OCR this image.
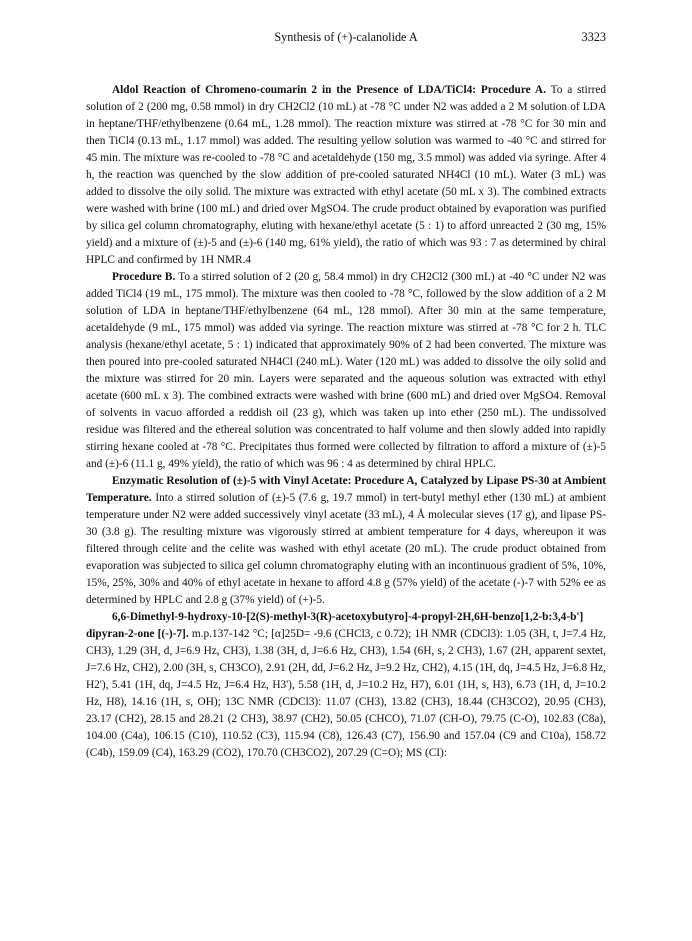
Synthesis of (+)-calanolide A	3323

Aldol Reaction of Chromeno-coumarin 2 in the Presence of LDA/TiCl4: Procedure A. To a stirred solution of 2 (200 mg, 0.58 mmol) in dry CH2Cl2 (10 mL) at -78 °C under N2 was added a 2 M solution of LDA in heptane/THF/ethylbenzene (0.64 mL, 1.28 mmol). The reaction mixture was stirred at -78 °C for 30 min and then TiCl4 (0.13 mL, 1.17 mmol) was added. The resulting yellow solution was warmed to -40 °C and stirred for 45 min. The mixture was re-cooled to -78 °C and acetaldehyde (150 mg, 3.5 mmol) was added via syringe. After 4 h, the reaction was quenched by the slow addition of pre-cooled saturated NH4Cl (10 mL). Water (3 mL) was added to dissolve the oily solid. The mixture was extracted with ethyl acetate (50 mL x 3). The combined extracts were washed with brine (100 mL) and dried over MgSO4. The crude product obtained by evaporation was purified by silica gel column chromatography, eluting with hexane/ethyl acetate (5 : 1) to afford unreacted 2 (30 mg, 15% yield) and a mixture of (±)-5 and (±)-6 (140 mg, 61% yield), the ratio of which was 93 : 7 as determined by chiral HPLC and confirmed by 1H NMR.4

Procedure B. To a stirred solution of 2 (20 g, 58.4 mmol) in dry CH2Cl2 (300 mL) at -40 °C under N2 was added TiCl4 (19 mL, 175 mmol). The mixture was then cooled to -78 °C, followed by the slow addition of a 2 M solution of LDA in heptane/THF/ethylbenzene (64 mL, 128 mmol). After 30 min at the same temperature, acetaldehyde (9 mL, 175 mmol) was added via syringe. The reaction mixture was stirred at -78 °C for 2 h. TLC analysis (hexane/ethyl acetate, 5 : 1) indicated that approximately 90% of 2 had been converted. The mixture was then poured into pre-cooled saturated NH4Cl (240 mL). Water (120 mL) was added to dissolve the oily solid and the mixture was stirred for 20 min. Layers were separated and the aqueous solution was extracted with ethyl acetate (600 mL x 3). The combined extracts were washed with brine (600 mL) and dried over MgSO4. Removal of solvents in vacuo afforded a reddish oil (23 g), which was taken up into ether (250 mL). The undissolved residue was filtered and the ethereal solution was concentrated to half volume and then slowly added into rapidly stirring hexane cooled at -78 °C. Precipitates thus formed were collected by filtration to afford a mixture of (±)-5 and (±)-6 (11.1 g, 49% yield), the ratio of which was 96 : 4 as determined by chiral HPLC.

Enzymatic Resolution of (±)-5 with Vinyl Acetate: Procedure A, Catalyzed by Lipase PS-30 at Ambient Temperature. Into a stirred solution of (±)-5 (7.6 g, 19.7 mmol) in tert-butyl methyl ether (130 mL) at ambient temperature under N2 were added successively vinyl acetate (33 mL), 4 Å molecular sieves (17 g), and lipase PS-30 (3.8 g). The resulting mixture was vigorously stirred at ambient temperature for 4 days, whereupon it was filtered through celite and the celite was washed with ethyl acetate (20 mL). The crude product obtained from evaporation was subjected to silica gel column chromatography eluting with an incontinuous gradient of 5%, 10%, 15%, 25%, 30% and 40% of ethyl acetate in hexane to afford 4.8 g (57% yield) of the acetate (-)-7 with 52% ee as determined by HPLC and 2.8 g (37% yield) of (+)-5.

6,6-Dimethyl-9-hydroxy-10-[2(S)-methyl-3(R)-acetoxybutyro]-4-propyl-2H,6H-benzo[1,2-b:3,4-b'] dipyran-2-one [(-)-7]. m.p.137-142 °C; [α]25D= -9.6 (CHCl3, c 0.72); 1H NMR (CDCl3): 1.05 (3H, t, J=7.4 Hz, CH3), 1.29 (3H, d, J=6.9 Hz, CH3), 1.38 (3H, d, J=6.6 Hz, CH3), 1.54 (6H, s, 2 CH3), 1.67 (2H, apparent sextet, J=7.6 Hz, CH2), 2.00 (3H, s, CH3CO), 2.91 (2H, dd, J=6.2 Hz, J=9.2 Hz, CH2), 4.15 (1H, dq, J=4.5 Hz, J=6.8 Hz, H2'), 5.41 (1H, dq, J=4.5 Hz, J=6.4 Hz, H3'), 5.58 (1H, d, J=10.2 Hz, H7), 6.01 (1H, s, H3), 6.73 (1H, d, J=10.2 Hz, H8), 14.16 (1H, s, OH); 13C NMR (CDCl3): 11.07 (CH3), 13.82 (CH3), 18.44 (CH3CO2), 20.95 (CH3), 23.17 (CH2), 28.15 and 28.21 (2 CH3), 38.97 (CH2), 50.05 (CHCO), 71.07 (CH-O), 79.75 (C-O), 102.83 (C8a), 104.00 (C4a), 106.15 (C10), 110.52 (C3), 115.94 (C8), 126.43 (C7), 156.90 and 157.04 (C9 and C10a), 158.72 (C4b), 159.09 (C4), 163.29 (CO2), 170.70 (CH3CO2), 207.29 (C=O); MS (CI):
